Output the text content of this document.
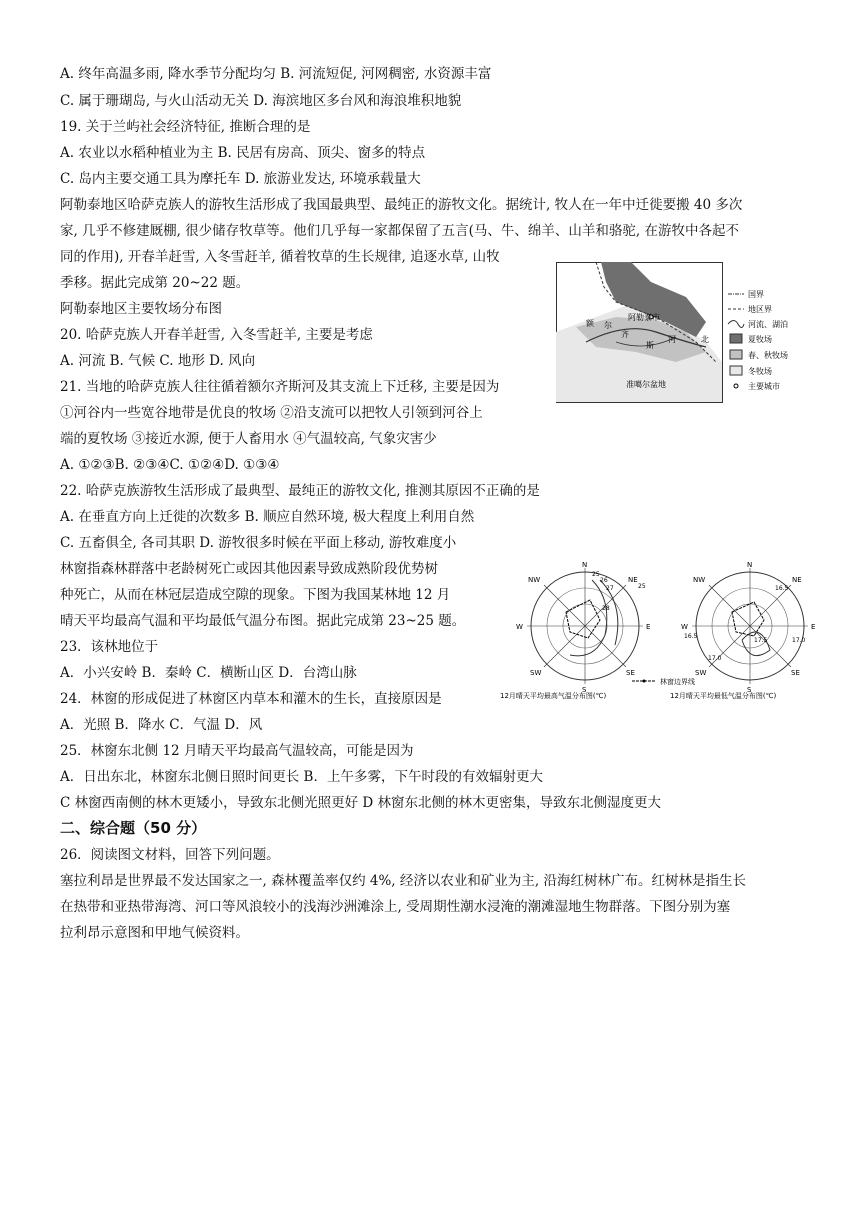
A. 终年高温多雨, 降水季节分配均匀 B. 河流短促, 河网稠密, 水资源丰富
C. 属于珊瑚岛, 与火山活动无关 D. 海滨地区多台风和海浪堆积地貌
19. 关于兰屿社会经济特征, 推断合理的是
A. 农业以水稻种植业为主 B. 民居有房高、顶尖、窗多的特点
C. 岛内主要交通工具为摩托车 D. 旅游业发达, 环境承载量大
阿勒泰地区哈萨克族人的游牧生活形成了我国最典型、最纯正的游牧文化。据统计, 牧人在一年中迁徙要搬 40 多次
家, 几乎不修建厩棚, 很少储存牧草等。他们几乎每一家都保留了五言(马、牛、绵羊、山羊和骆驼, 在游牧中各起不
同的作用), 开春羊赶雪, 入冬雪赶羊, 循着牧草的生长规律, 追逐水草, 山牧
季移。据此完成第 20~22 题。
阿勒泰地区主要牧场分布图
20. 哈萨克族人开春羊赶雪, 入冬雪赶羊, 主要是考虑
A. 河流 B. 气候 C. 地形 D. 风向
21. 当地的哈萨克族人往往循着额尔齐斯河及其支流上下迁移, 主要是因为
①河谷内一些宽谷地带是优良的牧场 ②沿支流可以把牧人引领到河谷上
端的夏牧场 ③接近水源, 便于人畜用水 ④气温较高, 气象灾害少
A. ①②③B. ②③④C. ①②④D. ①③④
22. 哈萨克族游牧生活形成了最典型、最纯正的游牧文化, 推测其原因不正确的是
A. 在垂直方向上迁徙的次数多 B. 顺应自然环境, 极大程度上利用自然
C. 五畜俱全, 各司其职 D. 游牧很多时候在平面上移动, 游牧难度小
林窗指森林群落中老龄树死亡或因其他因素导致成熟阶段优势树
种死亡，从而在林冠层造成空隙的现象。下图为我国某林地 12 月
晴天平均最高气温和平均最低气温分布图。据此完成第 23~25 题。
23．该林地位于
A．小兴安岭 B．秦岭 C．横断山区 D．台湾山脉
24．林窗的形成促进了林窗区内草本和灌木的生长，直接原因是
A．光照 B．降水 C．气温 D．风
25．林窗东北侧 12 月晴天平均最高气温较高，可能是因为
A．日出东北，林窗东北侧日照时间更长 B．上午多雾，下午时段的有效辐射更大
C 林窗西南侧的林木更矮小，导致东北侧光照更好 D 林窗东北侧的林木更密集，导致东北侧湿度更大
二、综合题（50 分）
26．阅读图文材料，回答下列问题。
塞拉利昂是世界最不发达国家之一, 森林覆盖率仅约 4%, 经济以农业和矿业为主, 沿海红树林广布。红树林是指生长
在热带和亚热带海湾、河口等风浪较小的浅海沙洲滩涂上, 受周期性潮水浸淹的潮滩湿地生物群落。下图分别为塞
拉利昂示意图和甲地气候资料。
阿勒泰市
额 尔
齐
斯
河	北
准噶尔盆地
国界
地区界
河流、湖泊
夏牧场
春、秋牧场
冬牧场
主要城市
N
NE
E
SE
S
SW
W
NW
25
26
27
28
25
12月晴天平均最高气温分布图(℃)
N
NE
E
SE
S
SW
W
NW
16.5
16.5
17.5
17.0
17.0
12月晴天平均最低气温分布图(℃)
林窗边界线
